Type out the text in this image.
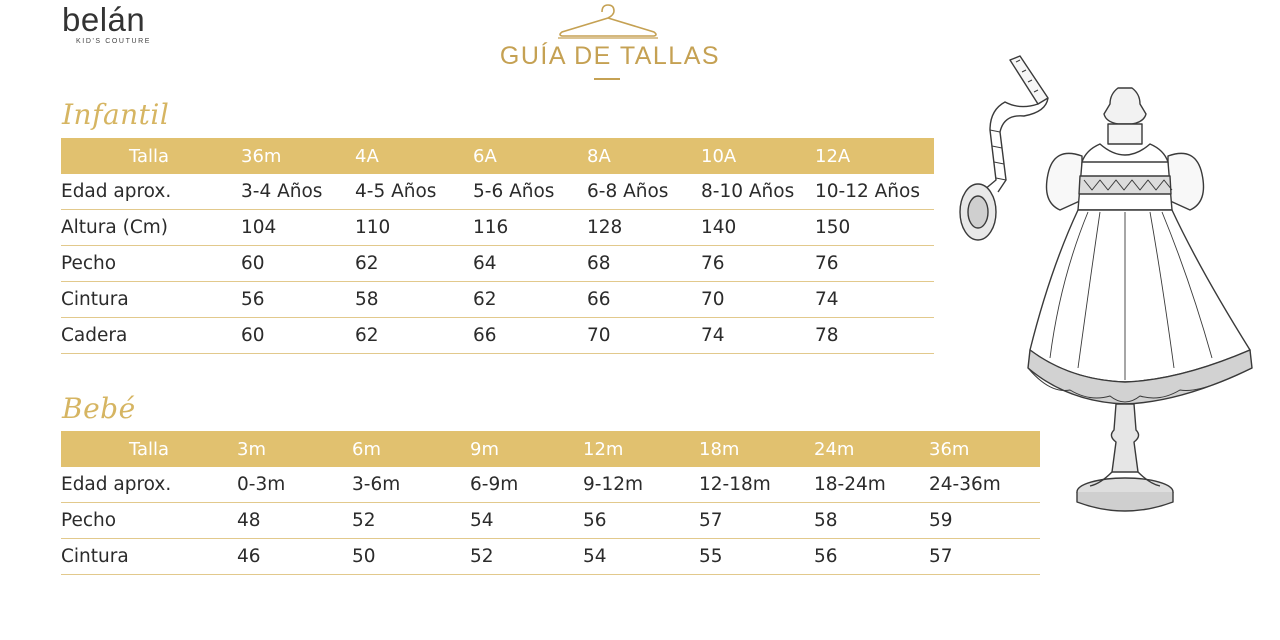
belán
KID'S COUTURE
GUÍA DE TALLAS
Infantil
Talla	36m	4A	6A	8A	10A	12A
Edad aprox.	3-4 Años	4-5 Años	5-6 Años	6-8 Años	8-10 Años	10-12 Años
Altura (Cm)	104	110	116	128	140	150
Pecho	60	62	64	68	76	76
Cintura	56	58	62	66	70	74
Cadera	60	62	66	70	74	78
Bebé
Talla	3m	6m	9m	12m	18m	24m	36m
Edad aprox.	0-3m	3-6m	6-9m	9-12m	12-18m	18-24m	24-36m
Pecho	48	52	54	56	57	58	59
Cintura	46	50	52	54	55	56	57
